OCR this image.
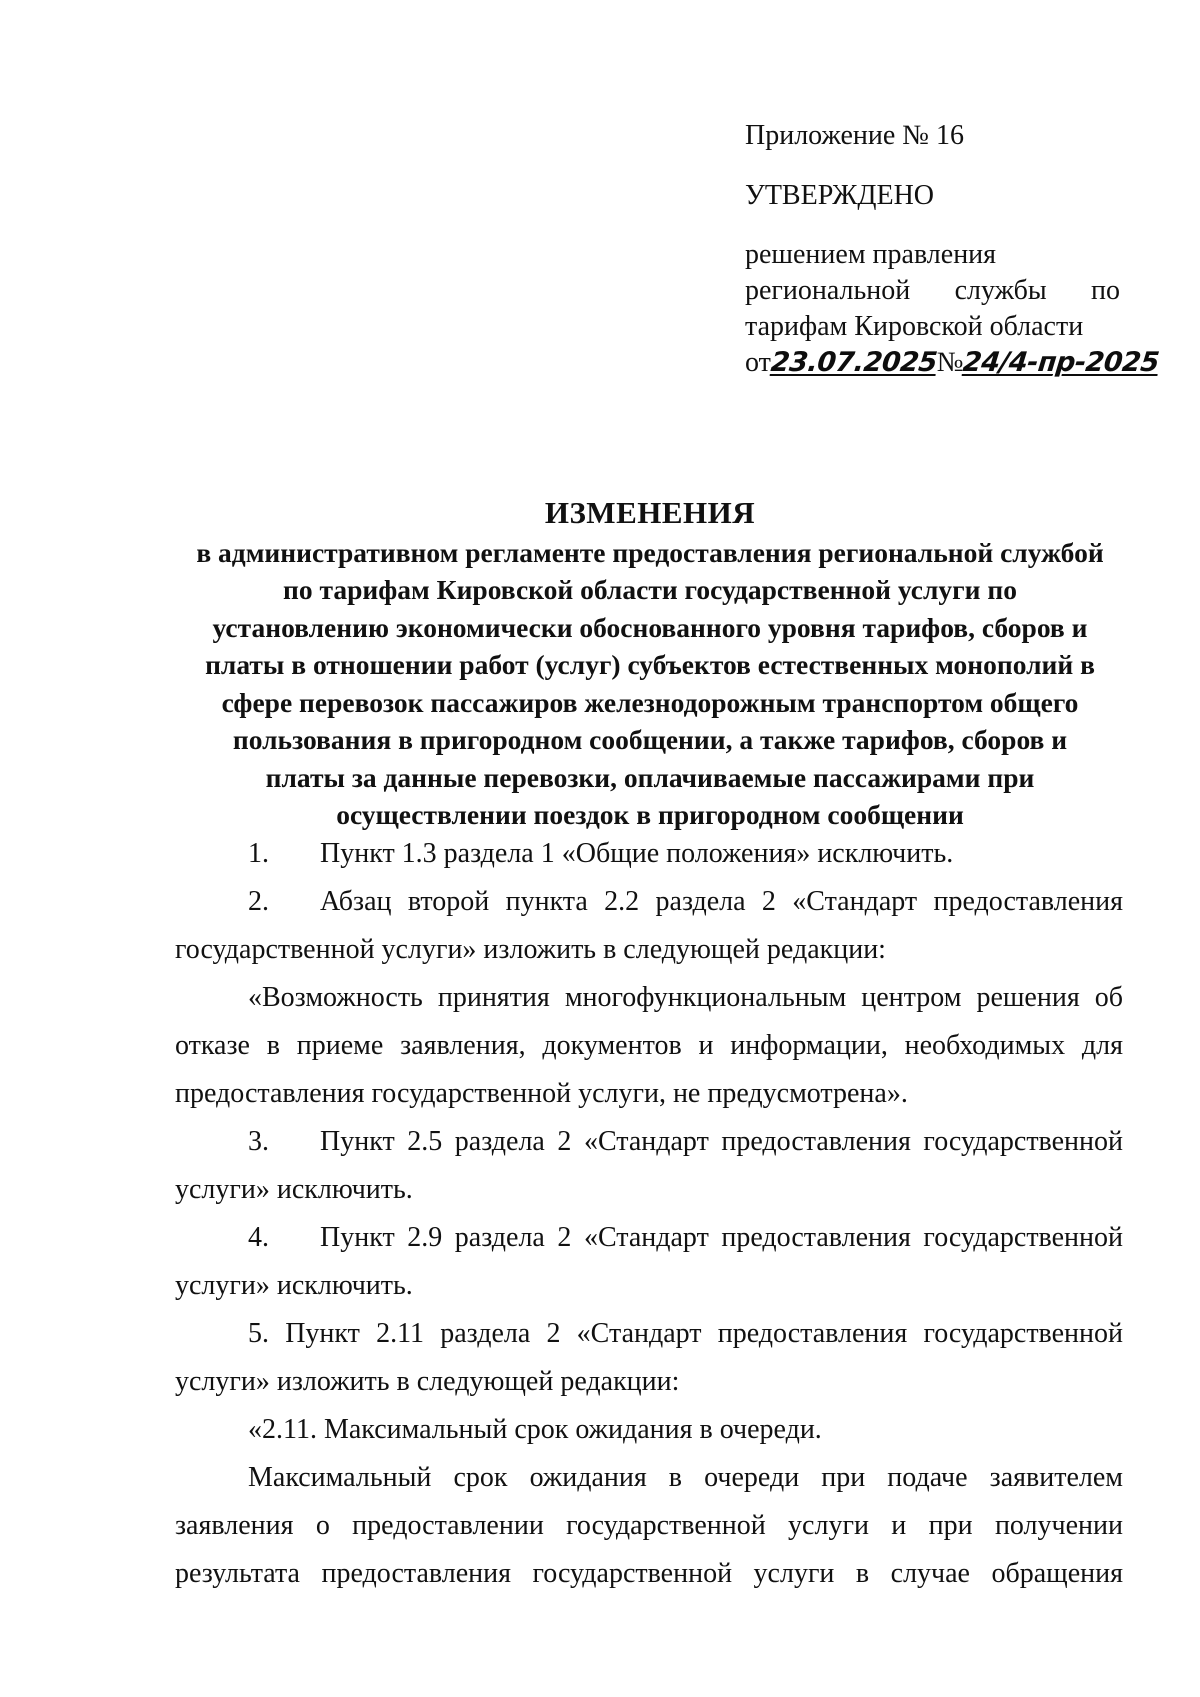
Приложение № 16
УТВЕРЖДЕНО
решением правления
региональной службы по
тарифам Кировской области
от
23.07.2025
№
24/4-пр-2025
ИЗМЕНЕНИЯ
в административном регламенте предоставления региональной службой
по тарифам Кировской области государственной услуги по
установлению экономически обоснованного уровня тарифов, сборов и
платы в отношении работ (услуг) субъектов естественных монополий в
сфере перевозок пассажиров железнодорожным транспортом общего
пользования в пригородном сообщении, а также тарифов, сборов и
платы за данные перевозки, оплачиваемые пассажирами при
осуществлении поездок в пригородном сообщении

1. Пункт 1.3 раздела 1 «Общие положения» исключить.

2. Абзац второй пункта 2.2 раздела 2 «Стандарт предоставления государственной услуги» изложить в следующей редакции:

«Возможность принятия многофункциональным центром решения об отказе в приеме заявления, документов и информации, необходимых для предоставления государственной услуги, не предусмотрена».

3. Пункт 2.5 раздела 2 «Стандарт предоставления государственной услуги» исключить.

4. Пункт 2.9 раздела 2 «Стандарт предоставления государственной услуги» исключить.

5. Пункт 2.11 раздела 2 «Стандарт предоставления государственной услуги» изложить в следующей редакции:

«2.11. Максимальный срок ожидания в очереди.

Максимальный срок ожидания в очереди при подаче заявителем заявления о предоставлении государственной услуги и при получении результата предоставления государственной услуги в случае обращения
